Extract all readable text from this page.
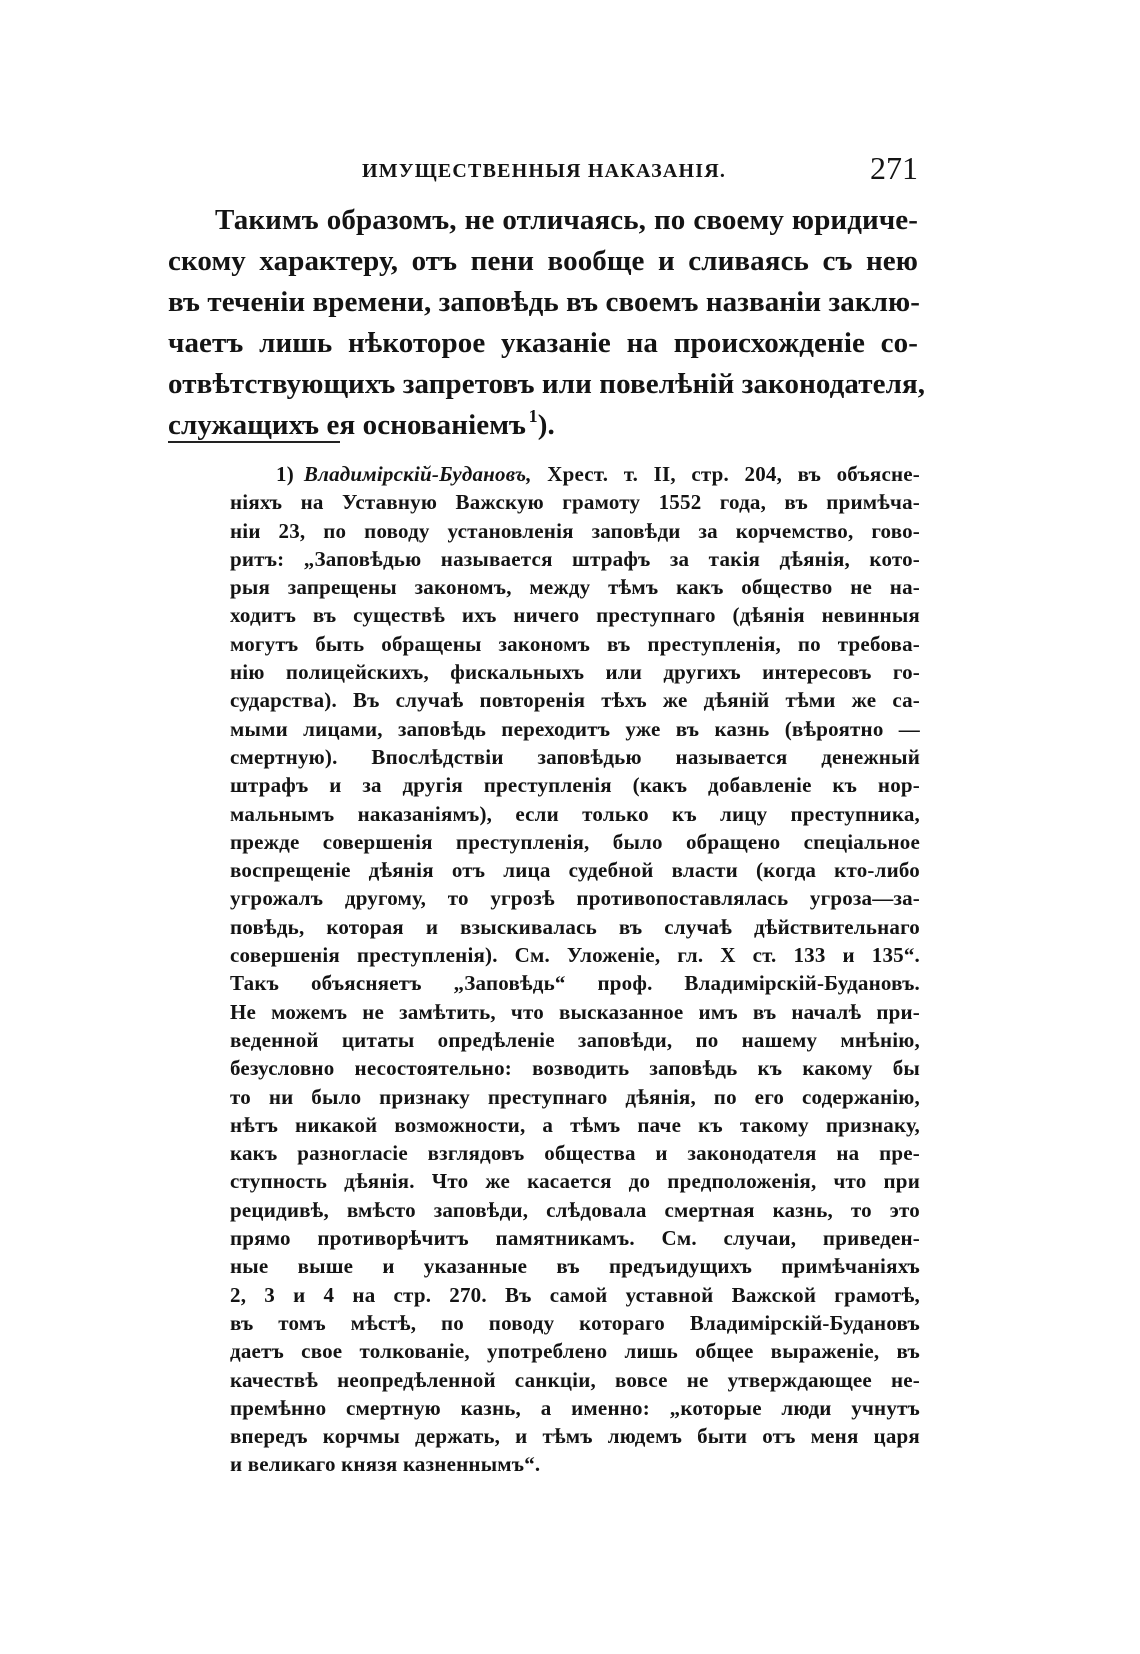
ИМУЩЕСТВЕННЫЯ НАКАЗАНІЯ.	271
Такимъ образомъ, не отличаясь, по своему юридиче-
скому характеру, отъ пени вообще и сливаясь съ нею
въ теченіи времени, заповѣдь въ своемъ названіи заклю-
чаетъ лишь нѣкоторое указаніе на происхожденіе со-
отвѣтствующихъ запретовъ или повелѣній законодателя,
служащихъ ея основаніемъ  $^1$).
1) Владимірскій-Будановъ, Хрест. т. II, стр. 204, въ объясне-
ніяхъ на Уставную Важскую грамоту 1552 года, въ примѣча-
ніи 23, по поводу установленія заповѣди за корчемство, гово-
ритъ: „Заповѣдью называется штрафъ за такія дѣянія, кото-
рыя запрещены закономъ, между тѣмъ какъ общество не на-
ходитъ въ существѣ ихъ ничего преступнаго (дѣянія невинныя
могутъ быть обращены закономъ въ преступленія, по требова-
нію полицейскихъ, фискальныхъ или другихъ интересовъ го-
сударства). Въ случаѣ повторенія тѣхъ же дѣяній тѣми же са-
мыми лицами, заповѣдь переходитъ уже въ казнь (вѣроятно —
смертную). Впослѣдствіи заповѣдью называется денежный
штрафъ и за другія преступленія (какъ добавленіе къ нор-
мальнымъ наказаніямъ), если только къ лицу преступника,
прежде совершенія преступленія, было обращено спеціальное
воспрещеніе дѣянія отъ лица судебной власти (когда кто-либо
угрожалъ другому, то угрозѣ противопоставлялась угроза—за-
повѣдь, которая и взыскивалась въ случаѣ дѣйствительнаго
совершенія преступленія). См. Уложеніе, гл. X ст. 133 и 135“.
Такъ объясняетъ „Заповѣдь“ проф. Владимірскій-Будановъ.
Не можемъ не замѣтить, что высказанное имъ въ началѣ при-
веденной цитаты опредѣленіе заповѣди, по нашему мнѣнію,
безусловно несостоятельно: возводить заповѣдь къ какому бы
то ни было признаку преступнаго дѣянія, по его содержанію,
нѣтъ никакой возможности, а тѣмъ паче къ такому признаку,
какъ разногласіе взглядовъ общества и законодателя на пре-
ступность дѣянія. Что же касается до предположенія, что при
рецидивѣ, вмѣсто заповѣди, слѣдовала смертная казнь, то это
прямо противорѣчитъ памятникамъ. См. случаи, приведен-
ные выше и указанные въ предъидущихъ примѣчаніяхъ
2, 3 и 4 на стр. 270. Въ самой уставной Важской грамотѣ,
въ томъ мѣстѣ, по поводу котораго Владимірскій-Будановъ
даетъ свое толкованіе, употреблено лишь общее выраженіе, въ
качествѣ неопредѣленной санкціи, вовсе не утверждающее не-
премѣнно смертную казнь, а именно: „которые люди учнутъ
впередъ корчмы держать, и тѣмъ людемъ быти отъ меня царя
и великаго князя казненнымъ“.
